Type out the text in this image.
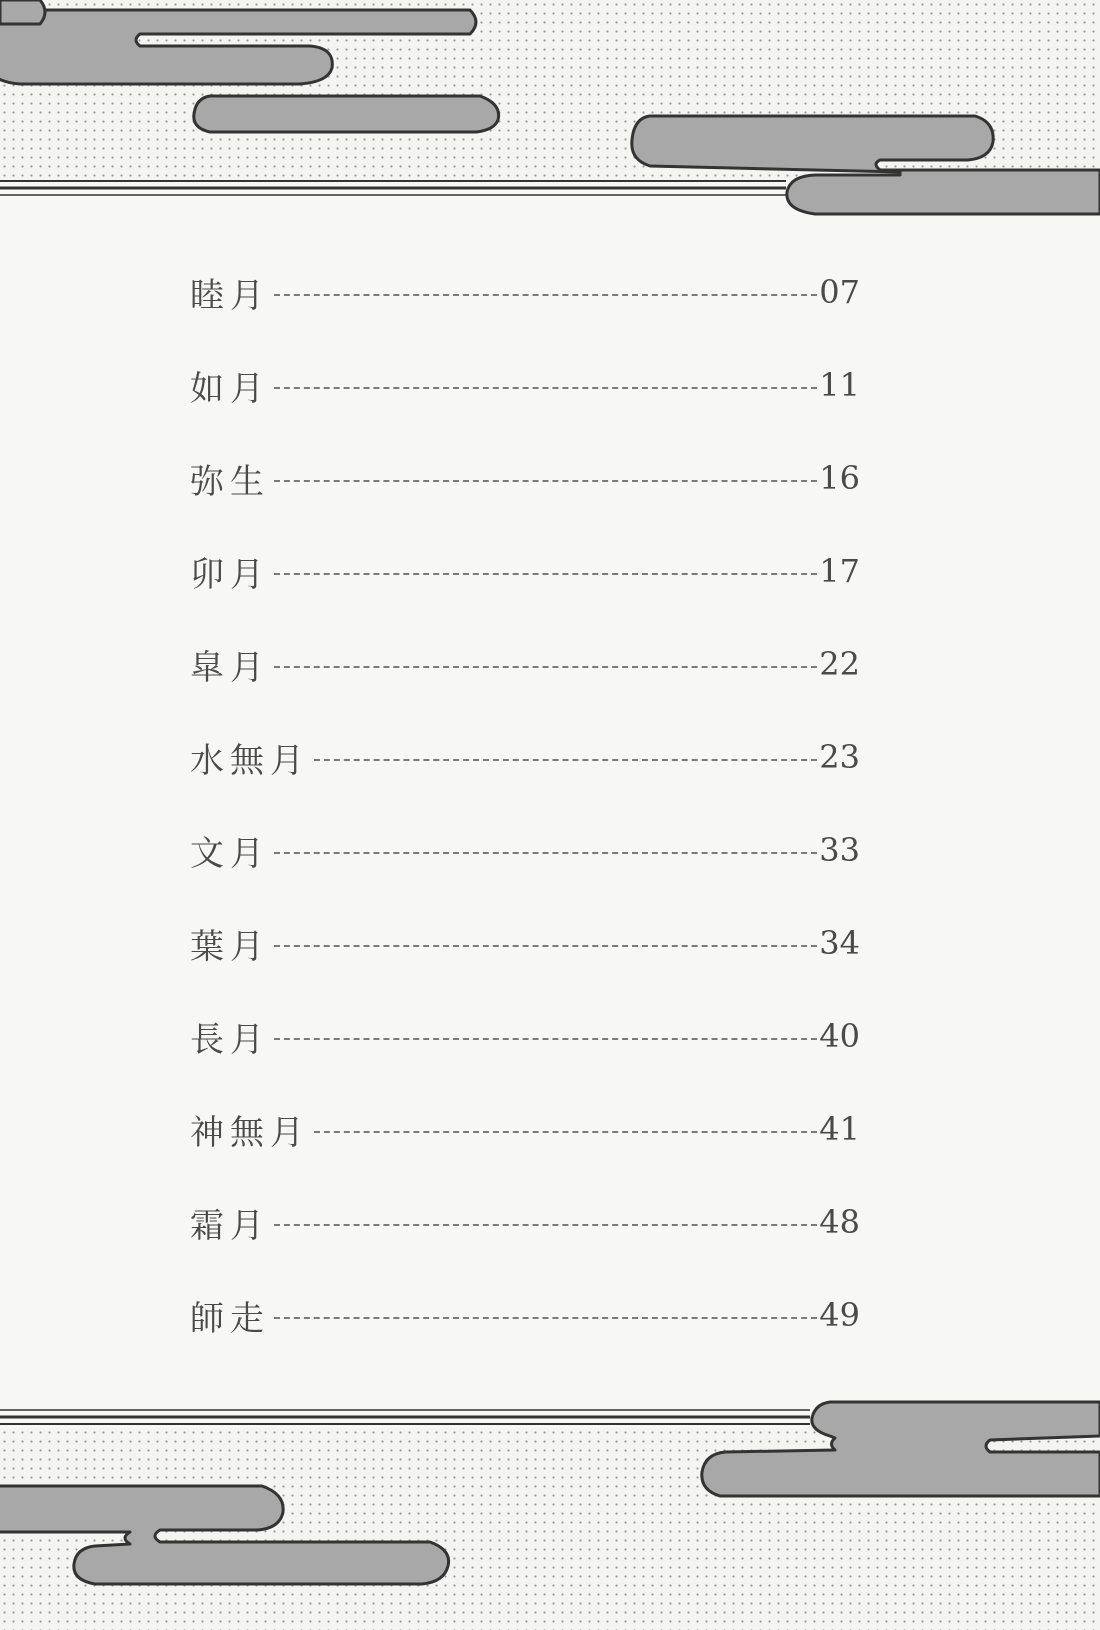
睦月	07
如月	11
弥生	16
卯月	17
皐月	22
水無月	23
文月	33
葉月	34
長月	40
神無月	41
霜月	48
師走	49
